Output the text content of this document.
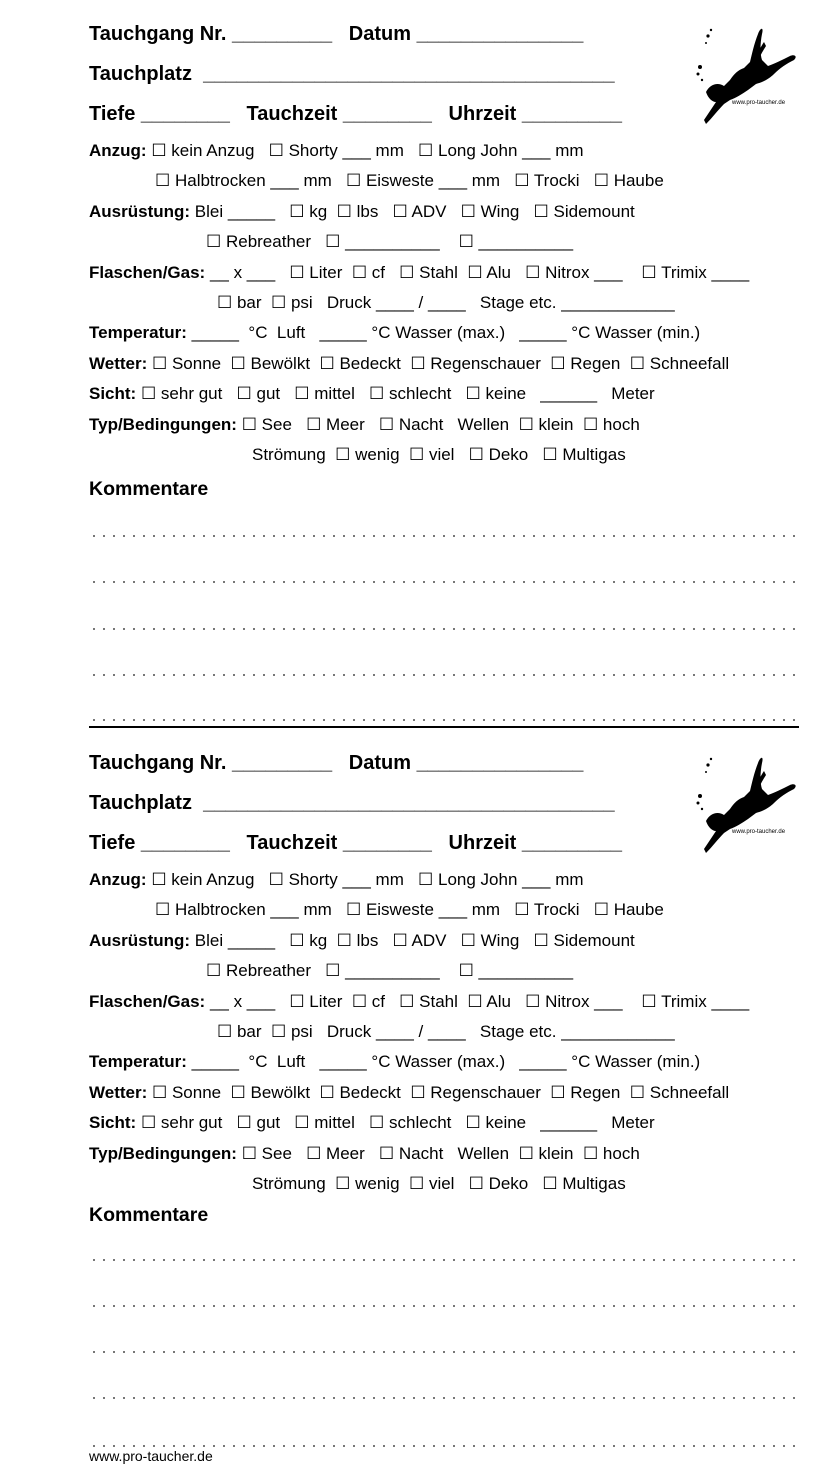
Tauchgang Nr. _________ Datum _______________
Tauchplatz _____________________________________
Tiefe ________ Tauchzeit ________ Uhrzeit _________	www.pro-taucher.de
Anzug: ☐ kein Anzug   ☐ Shorty ___ mm   ☐ Long John ___ mm
☐ Halbtrocken ___ mm   ☐ Eisweste ___ mm   ☐ Trocki   ☐ Haube
Ausrüstung: Blei _____   ☐ kg  ☐ lbs   ☐ ADV   ☐ Wing   ☐ Sidemount
☐ Rebreather   ☐ __________    ☐ __________
Flaschen/Gas: __ x ___   ☐ Liter  ☐ cf   ☐ Stahl  ☐ Alu   ☐ Nitrox ___    ☐ Trimix ____
☐ bar  ☐ psi   Druck ____ / ____   Stage etc. ____________
Temperatur: _____  °C  Luft   _____ °C Wasser (max.)   _____ °C Wasser (min.)
Wetter: ☐ Sonne  ☐ Bewölkt  ☐ Bedeckt  ☐ Regenschauer  ☐ Regen  ☐ Schneefall
Sicht: ☐ sehr gut   ☐ gut   ☐ mittel   ☐ schlecht   ☐ keine   ______   Meter
Typ/Bedingungen: ☐ See   ☐ Meer   ☐ Nacht   Wellen  ☐ klein  ☐ hoch
Strömung  ☐ wenig  ☐ viel   ☐ Deko   ☐ Multigas
Kommentare
Tauchgang Nr. _________ Datum _______________
Tauchplatz _____________________________________
Tiefe ________ Tauchzeit ________ Uhrzeit _________	www.pro-taucher.de
Anzug: ☐ kein Anzug   ☐ Shorty ___ mm   ☐ Long John ___ mm
☐ Halbtrocken ___ mm   ☐ Eisweste ___ mm   ☐ Trocki   ☐ Haube
Ausrüstung: Blei _____   ☐ kg  ☐ lbs   ☐ ADV   ☐ Wing   ☐ Sidemount
☐ Rebreather   ☐ __________    ☐ __________
Flaschen/Gas: __ x ___   ☐ Liter  ☐ cf   ☐ Stahl  ☐ Alu   ☐ Nitrox ___    ☐ Trimix ____
☐ bar  ☐ psi   Druck ____ / ____   Stage etc. ____________
Temperatur: _____  °C  Luft   _____ °C Wasser (max.)   _____ °C Wasser (min.)
Wetter: ☐ Sonne  ☐ Bewölkt  ☐ Bedeckt  ☐ Regenschauer  ☐ Regen  ☐ Schneefall
Sicht: ☐ sehr gut   ☐ gut   ☐ mittel   ☐ schlecht   ☐ keine   ______   Meter
Typ/Bedingungen: ☐ See   ☐ Meer   ☐ Nacht   Wellen  ☐ klein  ☐ hoch
Strömung  ☐ wenig  ☐ viel   ☐ Deko   ☐ Multigas
Kommentare
www.pro-taucher.de
